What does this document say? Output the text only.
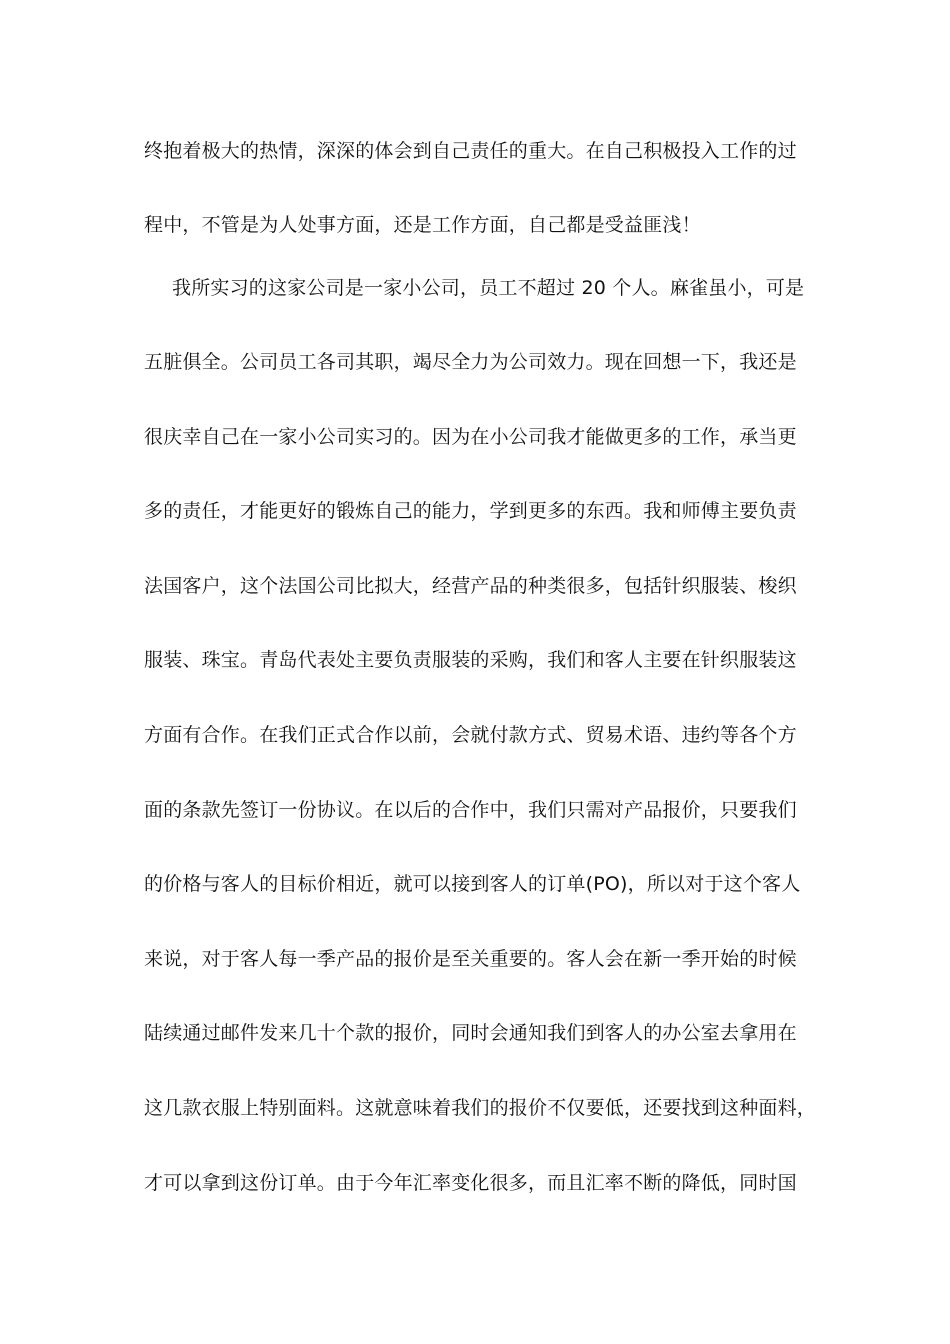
终抱着极大的热情，深深的体会到自己责任的重大。在自己积极投入工作的过
程中，不管是为人处事方面，还是工作方面，自己都是受益匪浅！
我所实习的这家公司是一家小公司，员工不超过 20 个人。麻雀虽小，可是
五脏俱全。公司员工各司其职，竭尽全力为公司效力。现在回想一下，我还是
很庆幸自己在一家小公司实习的。因为在小公司我才能做更多的工作，承当更
多的责任，才能更好的锻炼自己的能力，学到更多的东西。我和师傅主要负责
法国客户，这个法国公司比拟大，经营产品的种类很多，包括针织服装、梭织
服装、珠宝。青岛代表处主要负责服装的采购，我们和客人主要在针织服装这
方面有合作。在我们正式合作以前，会就付款方式、贸易术语、违约等各个方
面的条款先签订一份协议。在以后的合作中，我们只需对产品报价，只要我们
的价格与客人的目标价相近，就可以接到客人的订单(PO)，所以对于这个客人
来说，对于客人每一季产品的报价是至关重要的。客人会在新一季开始的时候
陆续通过邮件发来几十个款的报价，同时会通知我们到客人的办公室去拿用在
这几款衣服上特别面料。这就意味着我们的报价不仅要低，还要找到这种面料，
才可以拿到这份订单。由于今年汇率变化很多，而且汇率不断的降低，同时国
